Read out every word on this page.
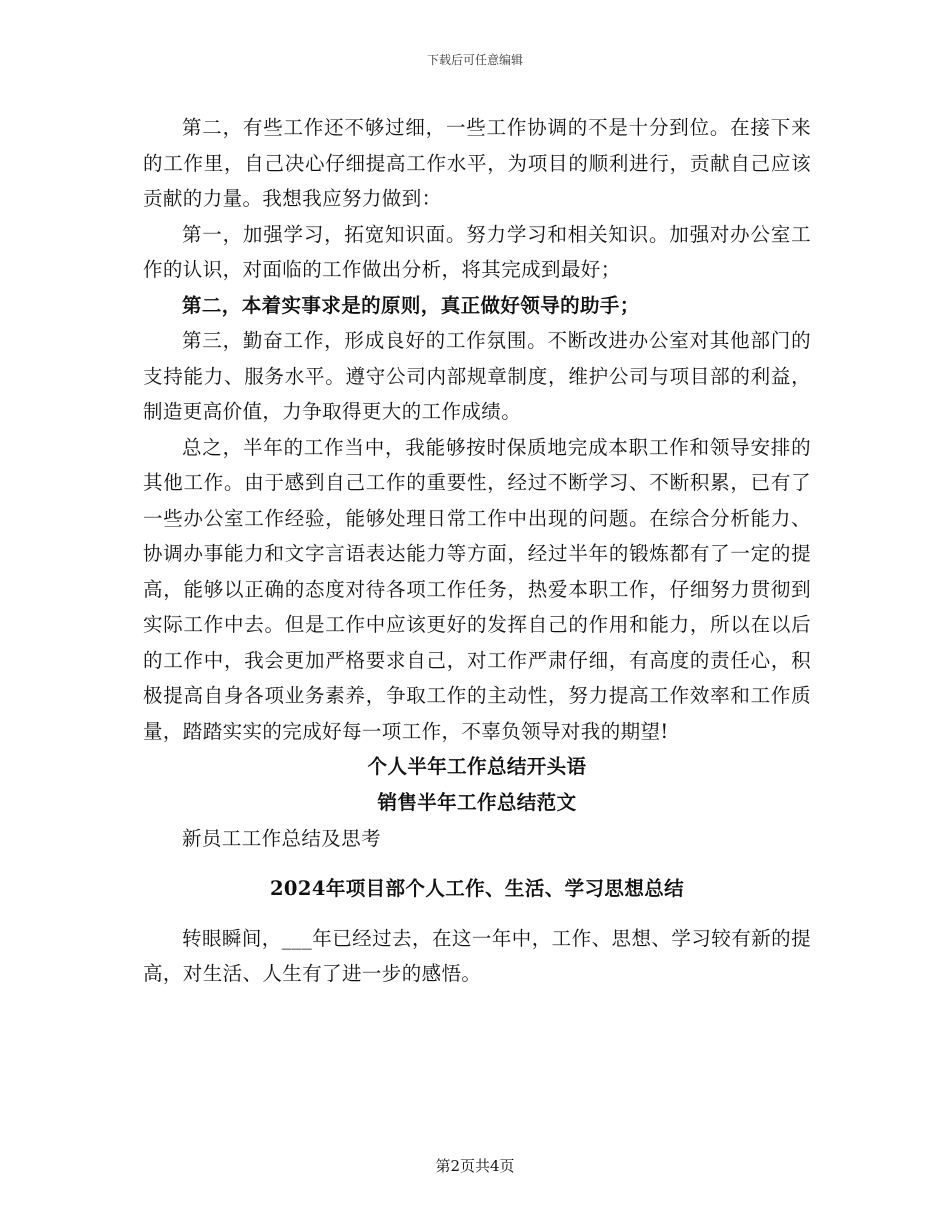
下载后可任意编辑

第二，有些工作还不够过细，一些工作协调的不是十分到位。在接下来的工作里，自己决心仔细提高工作水平，为项目的顺利进行，贡献自己应该贡献的力量。我想我应努力做到：

第一，加强学习，拓宽知识面。努力学习和相关知识。加强对办公室工作的认识，对面临的工作做出分析，将其完成到最好；

第二，本着实事求是的原则，真正做好领导的助手；

第三，勤奋工作，形成良好的工作氛围。不断改进办公室对其他部门的支持能力、服务水平。遵守公司内部规章制度，维护公司与项目部的利益，制造更高价值，力争取得更大的工作成绩。

总之，半年的工作当中，我能够按时保质地完成本职工作和领导安排的其他工作。由于感到自己工作的重要性，经过不断学习、不断积累，已有了一些办公室工作经验，能够处理日常工作中出现的问题。在综合分析能力、协调办事能力和文字言语表达能力等方面，经过半年的锻炼都有了一定的提高，能够以正确的态度对待各项工作任务，热爱本职工作，仔细努力贯彻到实际工作中去。但是工作中应该更好的发挥自己的作用和能力，所以在以后的工作中，我会更加严格要求自己，对工作严肃仔细，有高度的责任心，积极提高自身各项业务素养，争取工作的主动性，努力提高工作效率和工作质量，踏踏实实的完成好每一项工作，不辜负领导对我的期望!

个人半年工作总结开头语

销售半年工作总结范文

新员工工作总结及思考

2024年项目部个人工作、生活、学习思想总结

转眼瞬间，___年已经过去，在这一年中，工作、思想、学习较有新的提高，对生活、人生有了进一步的感悟。

第2页共4页
